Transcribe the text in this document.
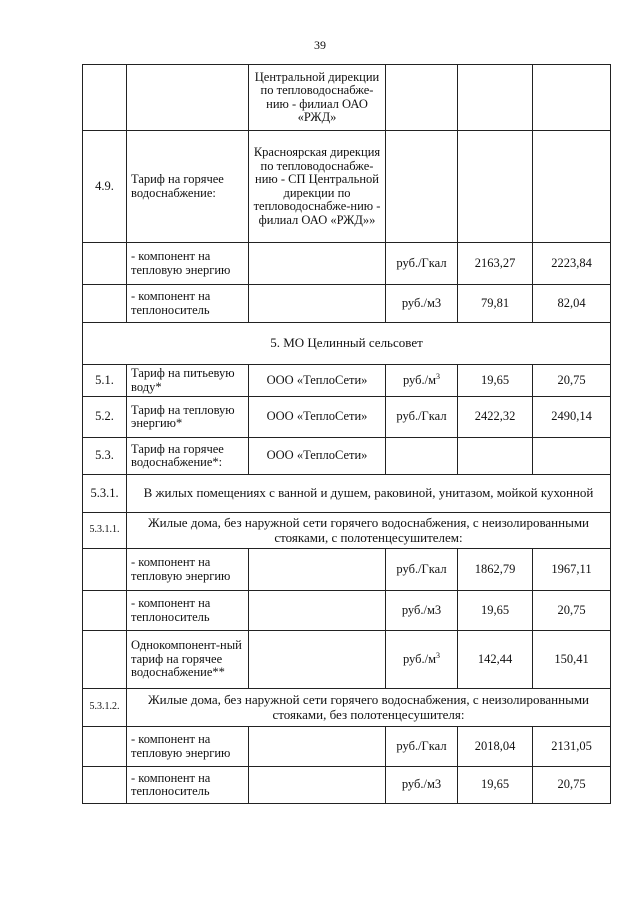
39
		Центральной дирекции по тепловодоснабже-нию - филиал ОАО «РЖД»			
4.9.	Тариф на горячее водоснабжение:	Красноярская дирекция по тепловодоснабже-нию - СП Центральной дирекции по тепловодоснабже-нию - филиал ОАО «РЖД»»			
	- компонент на тепловую энергию		руб./Гкал	2163,27	2223,84
	- компонент на теплоноситель		руб./м3	79,81	82,04
5. МО Целинный сельсовет					
5.1.	Тариф на питьевую воду*	ООО «ТеплоСети»	$руб./м^3$	19,65	20,75
5.2.	Тариф на тепловую энергию*	ООО «ТеплоСети»	руб./Гкал	2422,32	2490,14
5.3.	Тариф на горячее водоснабжение*:	ООО «ТеплоСети»			
5.3.1.	В жилых помещениях с ванной и душем, раковиной, унитазом, мойкой кухонной				
5.3.1.1.	Жилые дома, без наружной сети горячего водоснабжения, с неизолированными стояками, с полотенцесушителем:				
	- компонент на тепловую энергию		руб./Гкал	1862,79	1967,11
	- компонент на теплоноситель		руб./м3	19,65	20,75
	Однокомпонент-ный тариф на горячее водоснабжение**		$руб./м^3$	142,44	150,41
5.3.1.2.	Жилые дома, без наружной сети горячего водоснабжения, с неизолированными стояками, без полотенцесушителя:				
	- компонент на тепловую энергию		руб./Гкал	2018,04	2131,05
	- компонент на теплоноситель		руб./м3	19,65	20,75
